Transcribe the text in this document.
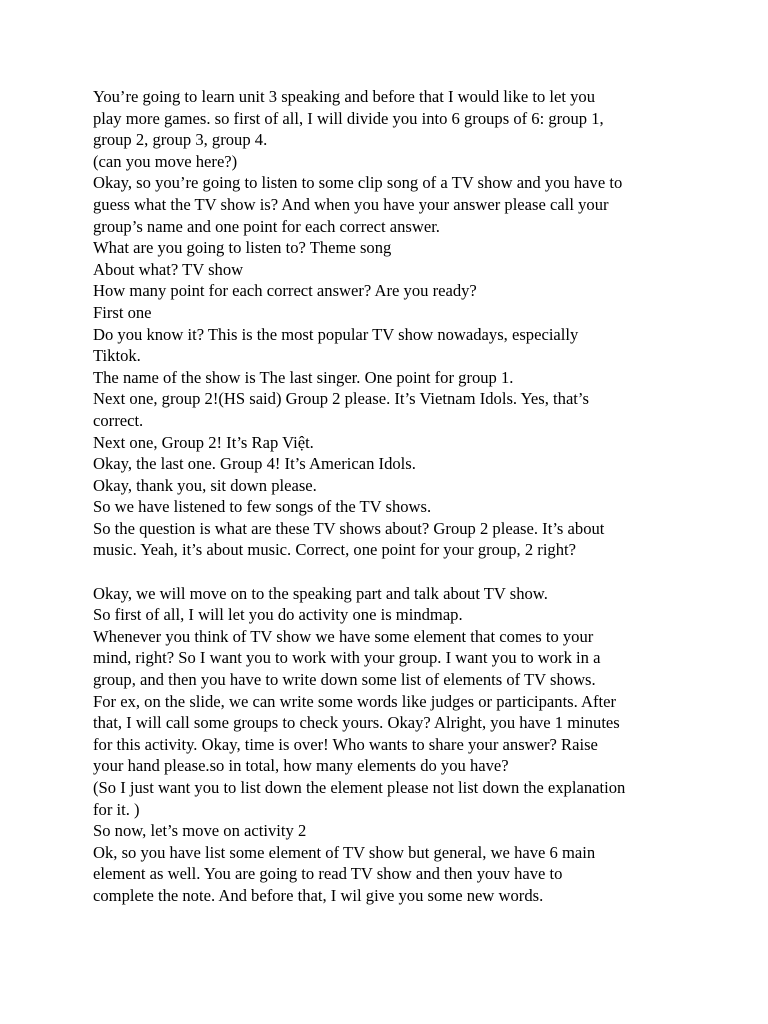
You’re going to learn unit 3 speaking and before that I would like to let you
play more games. so first of all, I will divide you into 6 groups of 6: group 1,
group 2, group 3, group 4.
(can you move here?)
Okay, so you’re going to listen to some clip song of a TV show and you have to
guess what the TV show is? And when you have your answer please call your
group’s name and one point for each correct answer.
What are you going to listen to? Theme song
About what? TV show
How many point for each correct answer? Are you ready?
First one
Do you know it? This is the most popular TV show nowadays, especially
Tiktok.
The name of the show is The last singer. One point for group 1.
Next one, group 2!(HS said) Group 2 please. It’s Vietnam Idols. Yes, that’s
correct.
Next one, Group 2! It’s Rap Việt.
Okay, the last one. Group 4! It’s American Idols.
Okay, thank you, sit down please.
So we have listened to few songs of the TV shows.
So the question is what are these TV shows about? Group 2 please. It’s about
music. Yeah, it’s about music. Correct, one point for your group, 2 right?
Okay, we will move on to the speaking part and talk about TV show.
So first of all, I will let you do activity one is mindmap.
Whenever you think of TV show we have some element that comes to your
mind, right? So I want you to work with your group. I want you to work in a
group, and then you have to write down some list of elements of TV shows.
For ex, on the slide, we can write some words like judges or participants. After
that, I will call some groups to check yours. Okay? Alright, you have 1 minutes
for this activity. Okay, time is over! Who wants to share your answer? Raise
your hand please.so in total, how many elements do you have?
(So I just want you to list down the element please not list down the explanation
for it. )
So now, let’s move on activity 2
Ok, so you have list some element of TV show but general, we have 6 main
element as well. You are going to read TV show and then youv have to
complete the note. And before that, I wil give you some new words.
